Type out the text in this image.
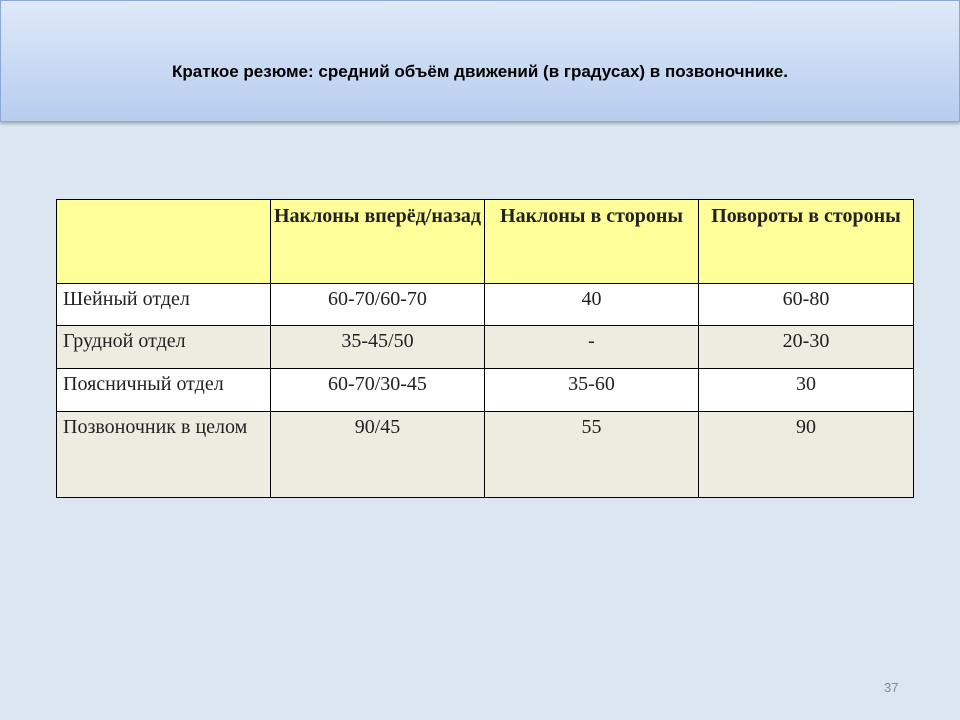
Краткое резюме: средний объём движений (в градусах) в позвоночнике.
	Наклоны вперёд/назад	Наклоны в стороны	Повороты в стороны
Шейный отдел	60-70/60-70	40	60-80
Грудной отдел	35-45/50	-	20-30
Поясничный отдел	60-70/30-45	35-60	30
Позвоночник в целом	90/45	55	90
37
